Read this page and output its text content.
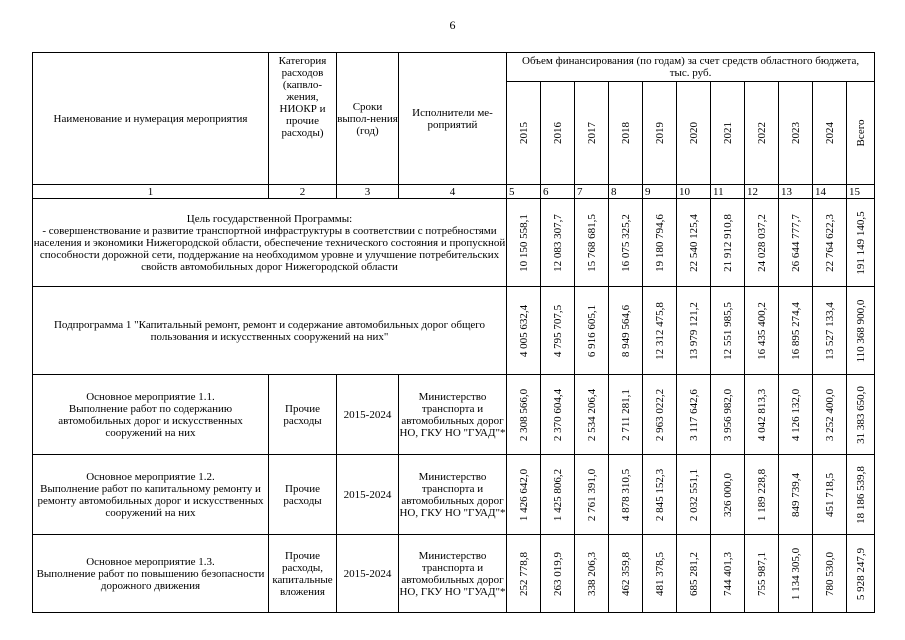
6
Наименование и нумерация мероприятия	Категория расходов (капвло-жения, НИОКР и прочие расходы)	Сроки выпол-нения (год)	Исполнители ме-роприятий	Объем финансирования (по годам) за счет средств областного бюджета, тыс. руб.										

				2015	2016	2017	2018	2019	2020	2021	2022	2023	2024	Всего

1	2	3	4	5	6	7	8	9	10	11	12	13	14	15
Цель государственной Программы:
- совершенствование и развитие транспортной инфраструктуры в соответствии с потребностями населения и экономики Нижегородской области, обеспечение технического состояния и пропускной способности дорожной сети, поддержание на необходимом уровне и улучшение потребительских свойств автомобильных дорог Нижегородской области				10 150 558,1	12 083 307,7	15 768 681,5	16 075 325,2	19 180 794,6	22 540 125,4	21 912 910,8	24 028 037,2	26 644 777,7	22 764 622,3	191 149 140,5

Подпрограмма 1 "Капитальный ремонт, ремонт и содержание автомобильных дорог общего пользования и искусственных сооружений на них"				4 005 632,4	4 795 707,5	6 916 605,1	8 949 564,6	12 312 475,8	13 979 121,2	12 551 985,5	16 435 400,2	16 895 274,4	13 527 133,4	110 368 900,0

Основное мероприятие 1.1.
Выполнение работ по содержанию автомобильных дорог и искусственных сооружений на них	Прочие расходы	2015-2024	Министерство транспорта и автомобильных дорог НО, ГКУ НО "ГУАД"*	2 308 566,0	2 370 604,4	2 534 206,4	2 711 281,1	2 963 022,2	3 117 642,6	3 956 982,0	4 042 813,3	4 126 132,0	3 252 400,0	31 383 650,0

Основное мероприятие 1.2.
Выполнение работ по капитальному ремонту и ремонту автомобильных дорог и искусственных сооружений на них	Прочие расходы	2015-2024	Министерство транспорта и автомобильных дорог НО, ГКУ НО "ГУАД"*	1 426 642,0	1 425 806,2	2 761 391,0	4 878 310,5	2 845 152,3	2 032 551,1	326 000,0	1 189 228,8	849 739,4	451 718,5	18 186 539,8

Основное мероприятие 1.3.
Выполнение работ по повышению безопасности дорожного движения	Прочие расходы, капитальные вложения	2015-2024	Министерство транспорта и автомобильных дорог НО, ГКУ НО "ГУАД"*	252 778,8	263 019,9	338 206,3	462 359,8	481 378,5	685 281,2	744 401,3	755 987,1	1 134 305,0	780 530,0	5 928 247,9
